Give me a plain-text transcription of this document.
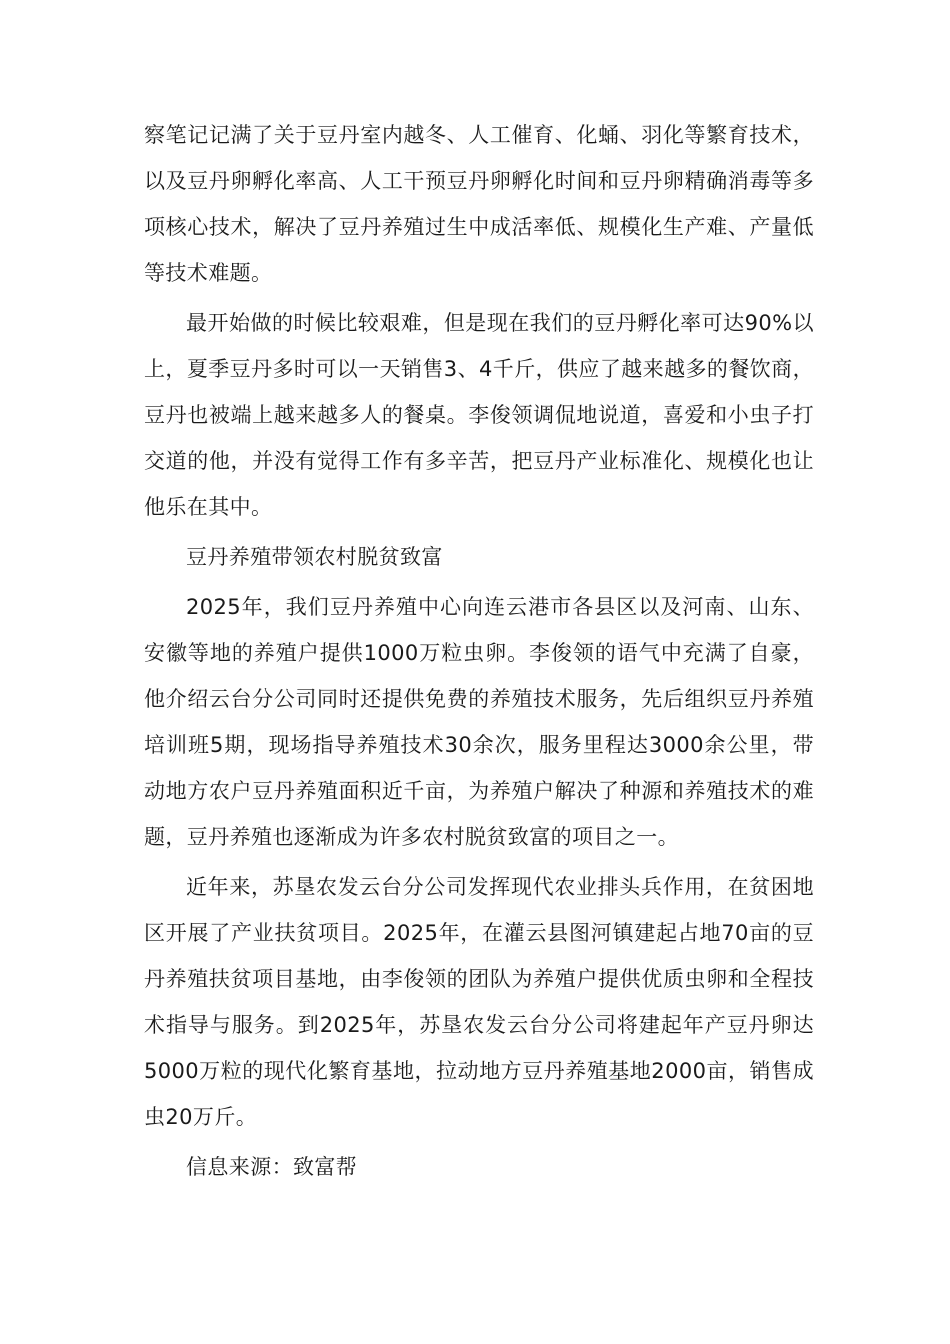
察笔记记满了关于豆丹室内越冬、人工催育、化蛹、羽化等繁育技术，以及豆丹卵孵化率高、人工干预豆丹卵孵化时间和豆丹卵精确消毒等多项核心技术，解决了豆丹养殖过生中成活率低、规模化生产难、产量低等技术难题。

最开始做的时候比较艰难，但是现在我们的豆丹孵化率可达90%以上，夏季豆丹多时可以一天销售3、4千斤，供应了越来越多的餐饮商，豆丹也被端上越来越多人的餐桌。李俊领调侃地说道，喜爱和小虫子打交道的他，并没有觉得工作有多辛苦，把豆丹产业标准化、规模化也让他乐在其中。

豆丹养殖带领农村脱贫致富

2025年，我们豆丹养殖中心向连云港市各县区以及河南、山东、安徽等地的养殖户提供1000万粒虫卵。李俊领的语气中充满了自豪，他介绍云台分公司同时还提供免费的养殖技术服务，先后组织豆丹养殖培训班5期，现场指导养殖技术30余次，服务里程达3000余公里，带动地方农户豆丹养殖面积近千亩，为养殖户解决了种源和养殖技术的难题，豆丹养殖也逐渐成为许多农村脱贫致富的项目之一。

近年来，苏垦农发云台分公司发挥现代农业排头兵作用，在贫困地区开展了产业扶贫项目。2025年，在灌云县图河镇建起占地70亩的豆丹养殖扶贫项目基地，由李俊领的团队为养殖户提供优质虫卵和全程技术指导与服务。到2025年，苏垦农发云台分公司将建起年产豆丹卵达5000万粒的现代化繁育基地，拉动地方豆丹养殖基地2000亩，销售成虫20万斤。

信息来源：致富帮
